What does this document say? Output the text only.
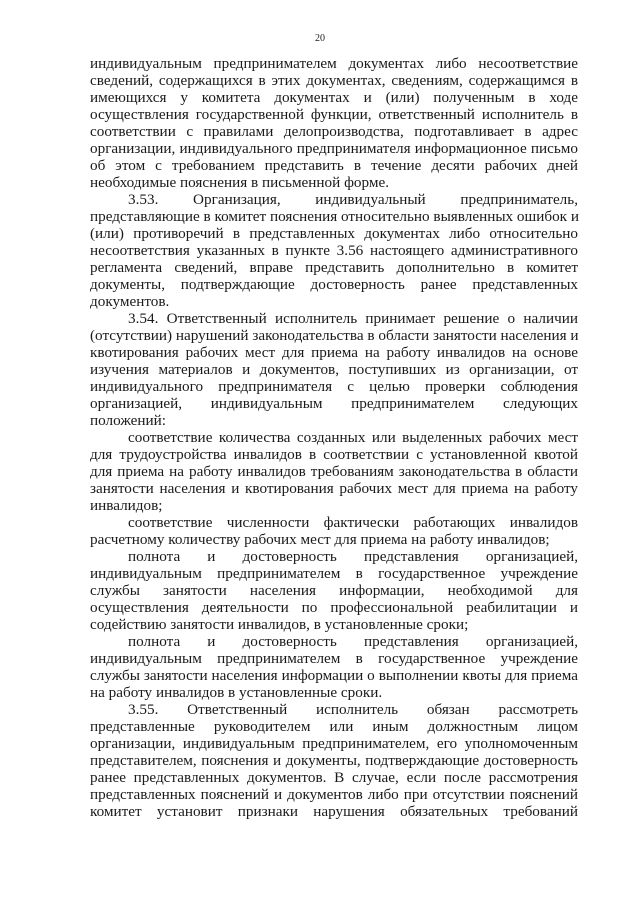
20
индивидуальным предпринимателем документах либо несоответствие
сведений, содержащихся в этих документах, сведениям, содержащимся в
имеющихся у комитета документах и (или) полученным в ходе
осуществления государственной функции, ответственный исполнитель в
соответствии с правилами делопроизводства, подготавливает в адрес
организации, индивидуального предпринимателя информационное письмо
об этом с требованием представить в течение десяти рабочих дней
необходимые пояснения в письменной форме.
3.53. Организация, индивидуальный предприниматель,
представляющие в комитет пояснения относительно выявленных ошибок и
(или) противоречий в представленных документах либо относительно
несоответствия указанных в пункте 3.56 настоящего административного
регламента сведений, вправе представить дополнительно в комитет
документы, подтверждающие достоверность ранее представленных
документов.
3.54. Ответственный исполнитель принимает решение о наличии
(отсутствии) нарушений законодательства в области занятости населения и
квотирования рабочих мест для приема на работу инвалидов на основе
изучения материалов и документов, поступивших из организации, от
индивидуального предпринимателя с целью проверки соблюдения
организацией, индивидуальным предпринимателем следующих
положений:
соответствие количества созданных или выделенных рабочих мест
для трудоустройства инвалидов в соответствии с установленной квотой
для приема на работу инвалидов требованиям законодательства в области
занятости населения и квотирования рабочих мест для приема на работу
инвалидов;
соответствие численности фактически работающих инвалидов
расчетному количеству рабочих мест для приема на работу инвалидов;
полнота и достоверность представления организацией,
индивидуальным предпринимателем в государственное учреждение
службы занятости населения информации, необходимой для
осуществления деятельности по профессиональной реабилитации и
содействию занятости инвалидов, в установленные сроки;
полнота и достоверность представления организацией,
индивидуальным предпринимателем в государственное учреждение
службы занятости населения информации о выполнении квоты для приема
на работу инвалидов в установленные сроки.
3.55. Ответственный исполнитель обязан рассмотреть
представленные руководителем или иным должностным лицом
организации, индивидуальным предпринимателем, его уполномоченным
представителем, пояснения и документы, подтверждающие достоверность
ранее представленных документов. В случае, если после рассмотрения
представленных пояснений и документов либо при отсутствии пояснений
комитет установит признаки нарушения обязательных требований
